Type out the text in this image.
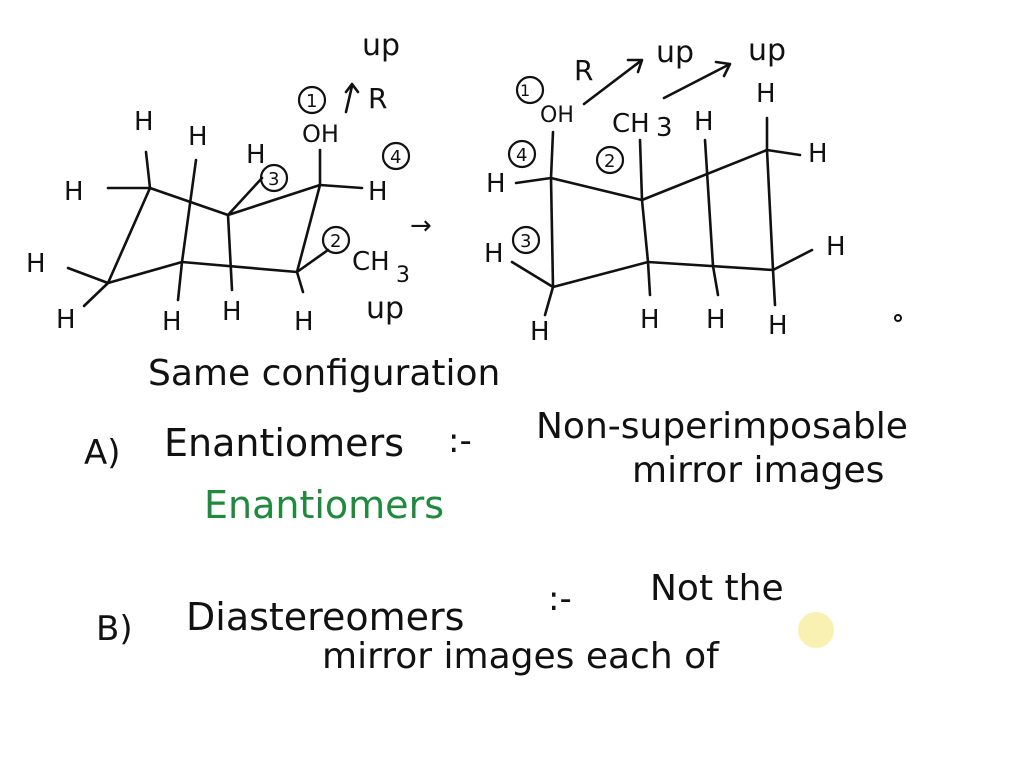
H H
H
H
H
H	H H H
H
OH
CH 3
up
R
up
→
1
2
3
4
H
H
H
H
H
H
H	H H H
OH CH 3
R
up up
1
2
3
4
Same configuration
A) Enantiomers :- Non-superimposable
mirror images
Enantiomers
B) Diastereomers :- Not the
mirror images each of
